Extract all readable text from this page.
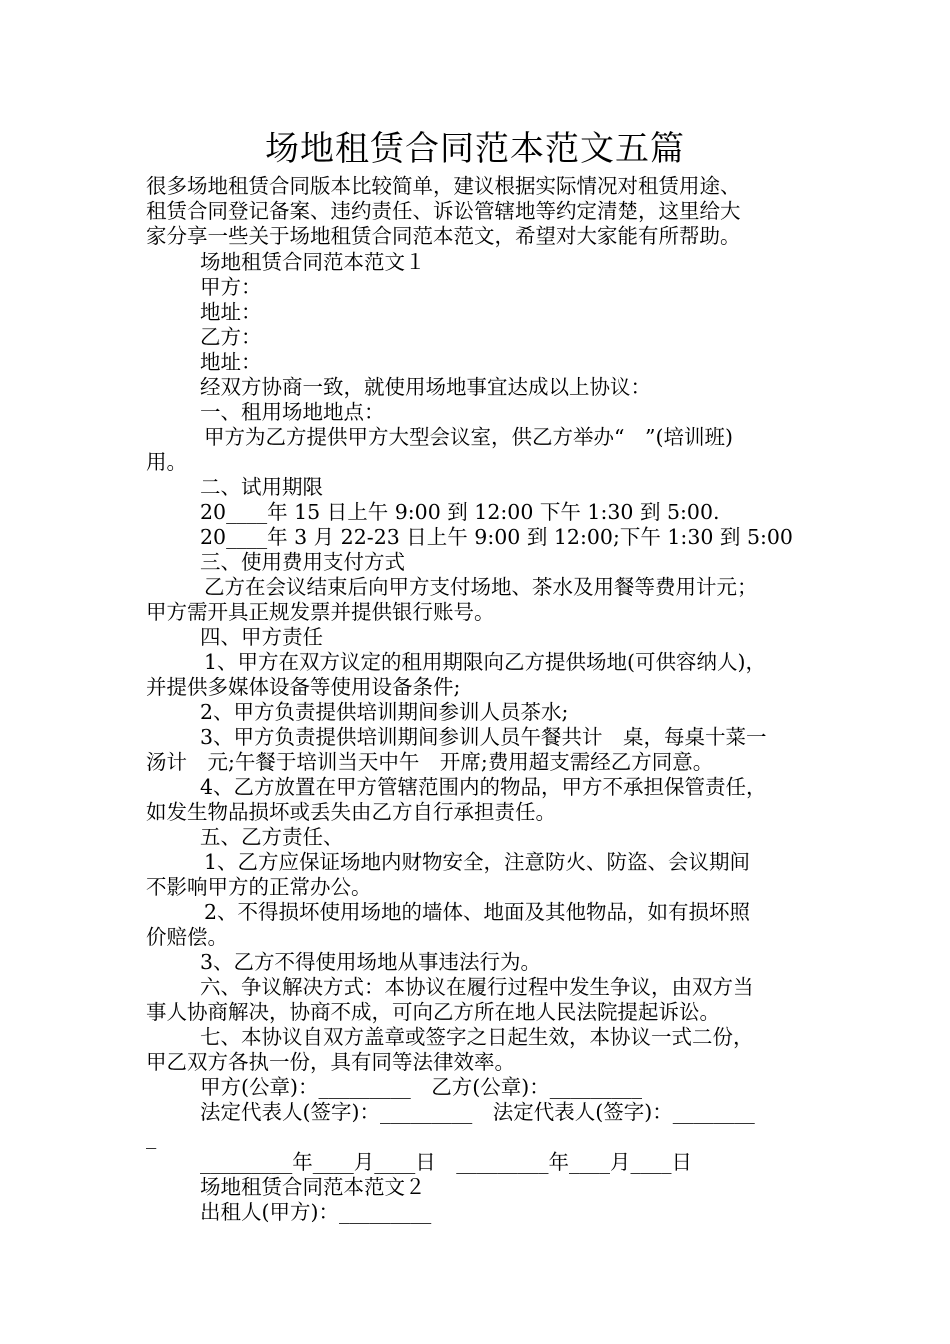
场地租赁合同范本范文五篇

很多场地租赁合同版本比较简单，建议根据实际情况对租赁用途、

租赁合同登记备案、违约责任、诉讼管辖地等约定清楚，这里给大

家分享一些关于场地租赁合同范本范文，希望对大家能有所帮助。

场地租赁合同范本范文１

甲方：

地址：

乙方：

地址：

经双方协商一致，就使用场地事宜达成以上协议：

一、租用场地地点：

甲方为乙方提供甲方大型会议室，供乙方举办“　”(培训班)

用。

二、试用期限

20____年 15 日上午 9:00 到 12:00 下午 1:30 到 5:00.

20____年 3 月 22-23 日上午 9:00 到 12:00;下午 1:30 到 5:00

三、使用费用支付方式

乙方在会议结束后向甲方支付场地、茶水及用餐等费用计元；

甲方需开具正规发票并提供银行账号。

四、甲方责任

1、甲方在双方议定的租用期限向乙方提供场地(可供容纳人)，

并提供多媒体设备等使用设备条件;

2、甲方负责提供培训期间参训人员茶水;

3、甲方负责提供培训期间参训人员午餐共计　桌，每桌十菜一

汤计　元;午餐于培训当天中午　开席;费用超支需经乙方同意。

4、乙方放置在甲方管辖范围内的物品，甲方不承担保管责任，

如发生物品损坏或丢失由乙方自行承担责任。

五、乙方责任、

1、乙方应保证场地内财物安全，注意防火、防盗、会议期间

不影响甲方的正常办公。

2、不得损坏使用场地的墙体、地面及其他物品，如有损坏照

价赔偿。

3、乙方不得使用场地从事违法行为。

六、争议解决方式：本协议在履行过程中发生争议，由双方当

事人协商解决，协商不成，可向乙方所在地人民法院提起诉讼。

七、本协议自双方盖章或签字之日起生效，本协议一式二份，

甲乙双方各执一份，具有同等法律效率。

甲方(公章)：_________　乙方(公章)：_________

法定代表人(签字)：_________　法定代表人(签字)：________

_

_________年____月____日　_________年____月____日

场地租赁合同范本范文２

出租人(甲方)：_________
